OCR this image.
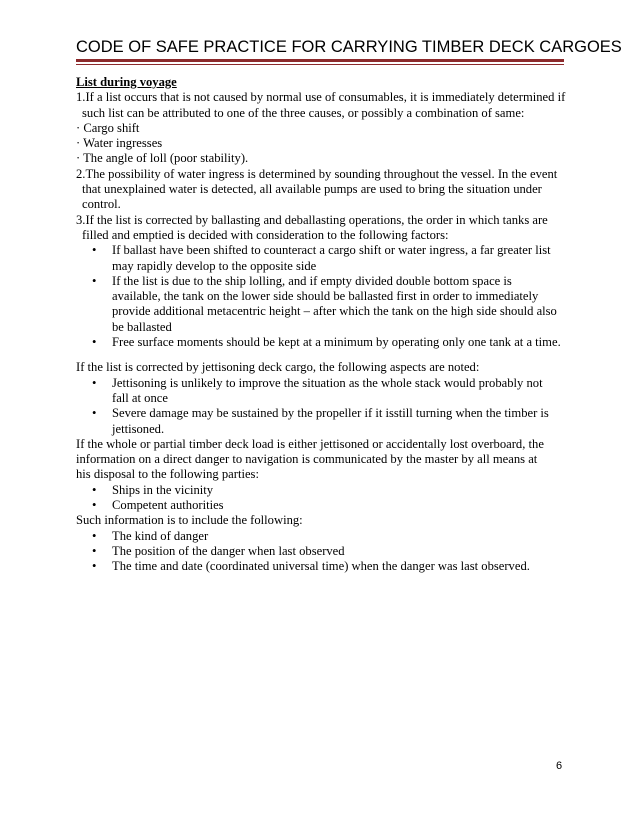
CODE OF SAFE PRACTICE FOR CARRYING TIMBER DECK CARGOES
List during voyage
1.If a list occurs that is not caused by normal use of consumables, it is immediately determined if
such list can be attributed to one of the three causes, or possibly a combination of same:
· Cargo shift
· Water ingresses
· The angle of loll (poor stability).
2.The possibility of water ingress is determined by sounding throughout the vessel. In the event
that unexplained water is detected, all available pumps are used to bring the situation under
control.
3.If the list is corrected by ballasting and deballasting operations, the order in which tanks are
filled and emptied is decided with consideration to the following factors:
• If ballast have been shifted to counteract a cargo shift or water ingress, a far greater list
may rapidly develop to the opposite side
• If the list is due to the ship lolling, and if empty divided double bottom space is
available, the tank on the lower side should be ballasted first in order to immediately
provide additional metacentric height – after which the tank on the high side should also
be ballasted
• Free surface moments should be kept at a minimum by operating only one tank at a time.
If the list is corrected by jettisoning deck cargo, the following aspects are noted:
• Jettisoning is unlikely to improve the situation as the whole stack would probably not
fall at once
• Severe damage may be sustained by the propeller if it isstill turning when the timber is
jettisoned.
If the whole or partial timber deck load is either jettisoned or accidentally lost overboard, the
information on a direct danger to navigation is communicated by the master by all means at
his disposal to the following parties:
• Ships in the vicinity
• Competent authorities
Such information is to include the following:
• The kind of danger
• The position of the danger when last observed
• The time and date (coordinated universal time) when the danger was last observed.
6
